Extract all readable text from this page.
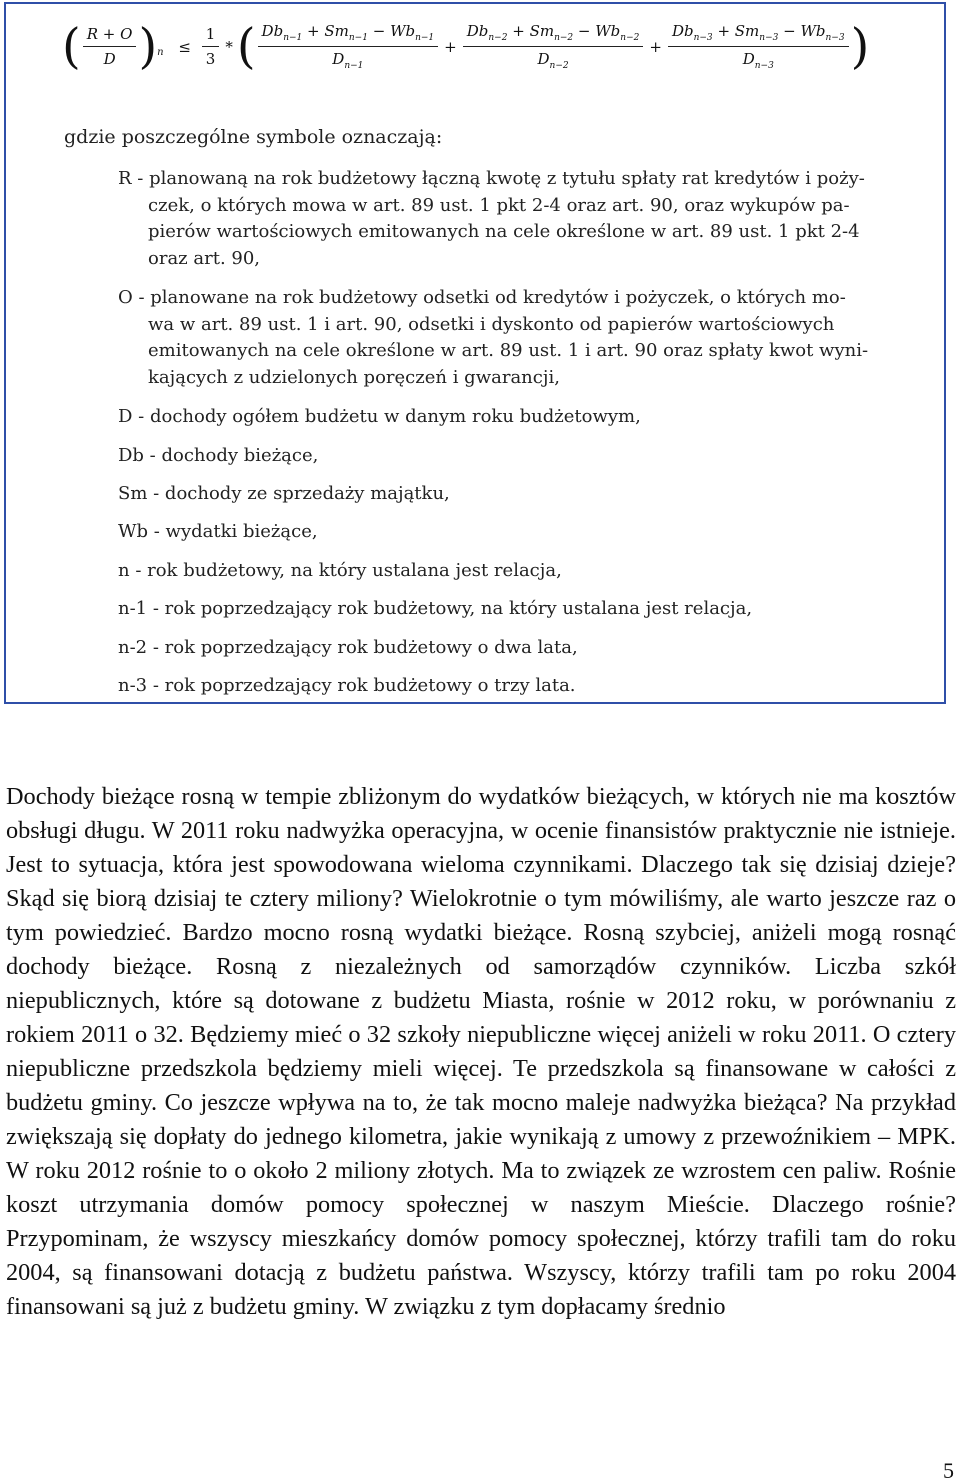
( $\frac{R + O}{D} )_n \le \frac{1}{3}$ *( $\frac{Db_{n-1} + Sm_{n-1} - Wb_{n-1}}{D_{n-1}} + \frac{Db_{n-2} + Sm_{n-2} - Wb_{n-2}}{D_{n-2}} + \frac{Db_{n-3} + Sm_{n-3} - Wb_{n-3}}{D_{n-3}}$ )
gdzie poszczególne symbole oznaczają:
R - planowaną na rok budżetowy łączną kwotę z tytułu spłaty rat kredytów i poży-
czek, o których mowa w art. 89 ust. 1 pkt 2-4 oraz art. 90, oraz wykupów pa-
pierów wartościowych emitowanych na cele określone w art. 89 ust. 1 pkt 2-4
oraz art. 90,
O - planowane na rok budżetowy odsetki od kredytów i pożyczek, o których mo-
wa w art. 89 ust. 1 i art. 90, odsetki i dyskonto od papierów wartościowych
emitowanych na cele określone w art. 89 ust. 1 i art. 90 oraz spłaty kwot wyni-
kających z udzielonych poręczeń i gwarancji,
D - dochody ogółem budżetu w danym roku budżetowym,
Db - dochody bieżące,
Sm - dochody ze sprzedaży majątku,
Wb - wydatki bieżące,
n - rok budżetowy, na który ustalana jest relacja,
n-1 - rok poprzedzający rok budżetowy, na który ustalana jest relacja,
n-2 - rok poprzedzający rok budżetowy o dwa lata,
n-3 - rok poprzedzający rok budżetowy o trzy lata.
Dochody bieżące rosną w tempie zbliżonym do wydatków bieżących, w których nie ma kosztów obsługi długu. W 2011 roku nadwyżka operacyjna, w ocenie finansistów praktycznie nie istnieje. Jest to sytuacja, która jest spowodowana wieloma czynnikami. Dlaczego tak się dzisiaj dzieje? Skąd się biorą dzisiaj te cztery miliony? Wielokrotnie o tym mówiliśmy, ale warto jeszcze raz o tym powiedzieć. Bardzo mocno rosną wydatki bieżące. Rosną szybciej, aniżeli mogą rosnąć dochody bieżące. Rosną z niezależnych od samorządów czynników. Liczba szkół niepublicznych, które są dotowane z budżetu Miasta, rośnie w 2012 roku, w porównaniu z rokiem 2011 o 32. Będziemy mieć o 32 szkoły niepubliczne więcej aniżeli w roku 2011. O cztery niepubliczne przedszkola będziemy mieli więcej. Te przedszkola są finansowane w całości z budżetu gminy. Co jeszcze wpływa na to, że tak mocno maleje nadwyżka bieżąca? Na przykład zwiększają się dopłaty do jednego kilometra, jakie wynikają z umowy z przewoźnikiem – MPK. W roku 2012 rośnie to o około 2 miliony złotych. Ma to związek ze wzrostem cen paliw. Rośnie koszt utrzymania domów pomocy społecznej w naszym Mieście. Dlaczego rośnie? Przypominam, że wszyscy mieszkańcy domów pomocy społecznej, którzy trafili tam do roku 2004, są finansowani dotacją z budżetu państwa. Wszyscy, którzy trafili tam po roku 2004 finansowani są już z budżetu gminy. W związku z tym dopłacamy średnio
5
